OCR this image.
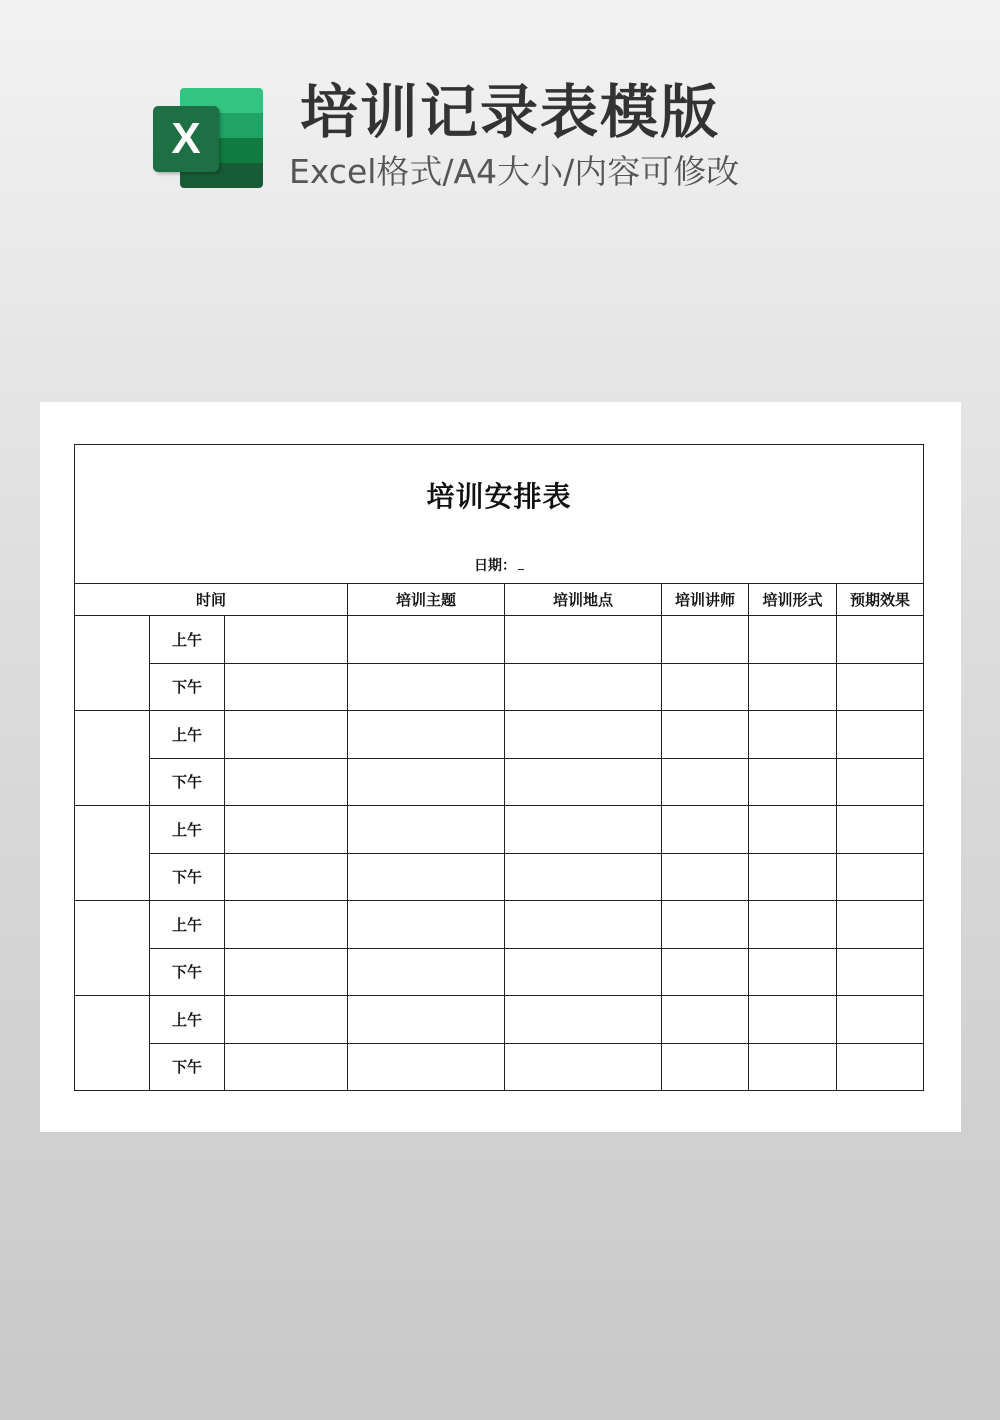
X	培训记录表模版
Excel格式/A4大小/内容可修改
培训安排表
日期：							

时间			培训主题	培训地点	培训讲师	培训形式	预期效果
	上午						
	下午						
	上午						
	下午						
	上午						
	下午						
	上午						
	下午						
	上午						
	下午						
